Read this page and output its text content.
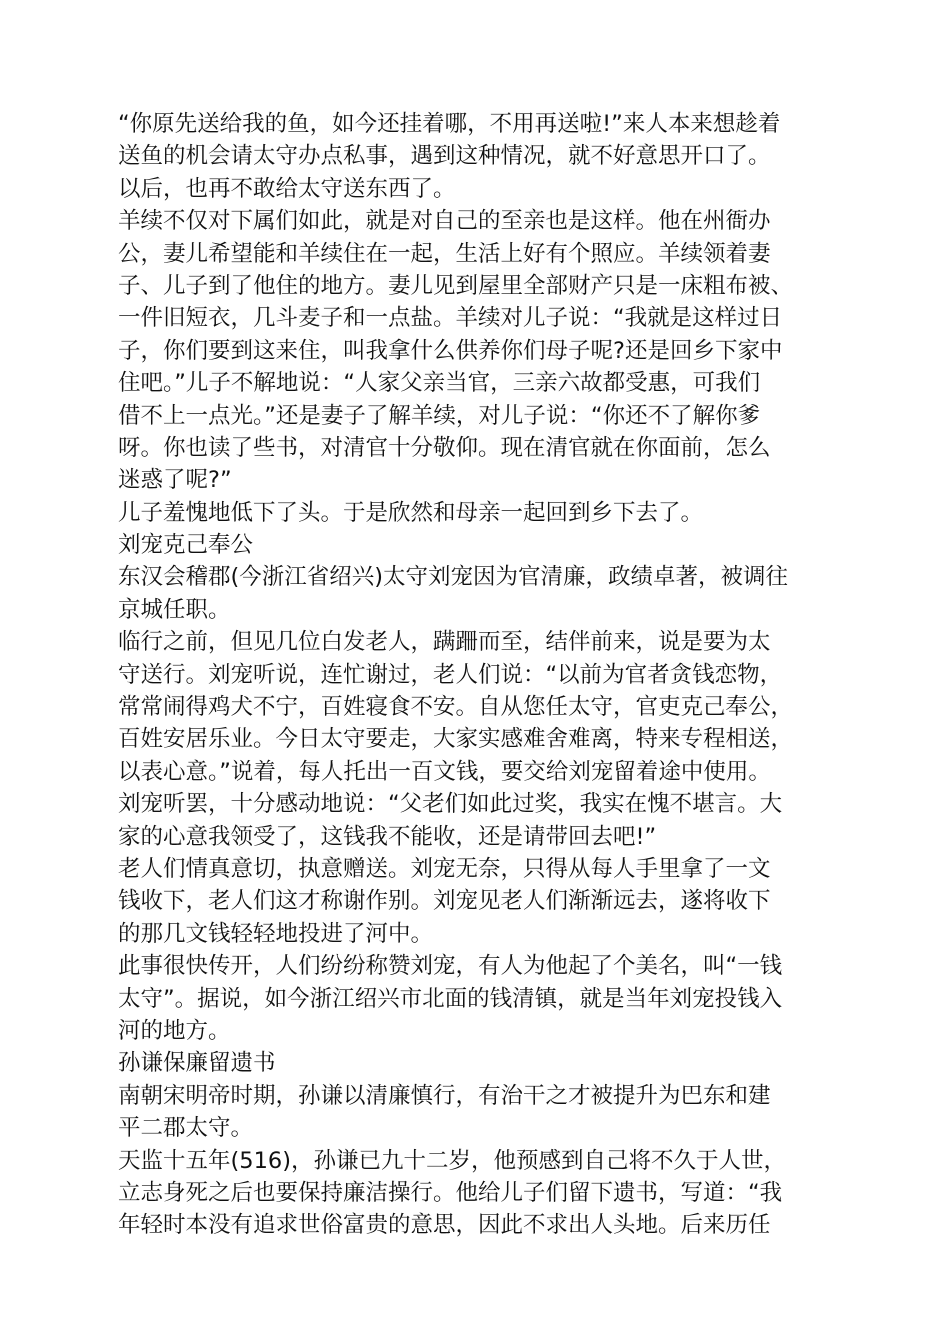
“你原先送给我的鱼，如今还挂着哪，不用再送啦!”来人本来想趁着
送鱼的机会请太守办点私事，遇到这种情况，就不好意思开口了。
以后，也再不敢给太守送东西了。
羊续不仅对下属们如此，就是对自己的至亲也是这样。他在州衙办
公，妻儿希望能和羊续住在一起，生活上好有个照应。羊续领着妻
子、儿子到了他住的地方。妻儿见到屋里全部财产只是一床粗布被、
一件旧短衣，几斗麦子和一点盐。羊续对儿子说：“我就是这样过日
子，你们要到这来住，叫我拿什么供养你们母子呢?还是回乡下家中
住吧。”儿子不解地说：“人家父亲当官，三亲六故都受惠，可我们
借不上一点光。”还是妻子了解羊续，对儿子说：“你还不了解你爹
呀。你也读了些书，对清官十分敬仰。现在清官就在你面前，怎么
迷惑了呢?”
儿子羞愧地低下了头。于是欣然和母亲一起回到乡下去了。
刘宠克己奉公
东汉会稽郡(今浙江省绍兴)太守刘宠因为官清廉，政绩卓著，被调往
京城任职。
临行之前，但见几位白发老人，蹒跚而至，结伴前来，说是要为太
守送行。刘宠听说，连忙谢过，老人们说：“以前为官者贪钱恋物，
常常闹得鸡犬不宁，百姓寝食不安。自从您任太守，官吏克己奉公，
百姓安居乐业。今日太守要走，大家实感难舍难离，特来专程相送，
以表心意。”说着，每人托出一百文钱，要交给刘宠留着途中使用。
刘宠听罢，十分感动地说：“父老们如此过奖，我实在愧不堪言。大
家的心意我领受了，这钱我不能收，还是请带回去吧!”
老人们情真意切，执意赠送。刘宠无奈，只得从每人手里拿了一文
钱收下，老人们这才称谢作别。刘宠见老人们渐渐远去，遂将收下
的那几文钱轻轻地投进了河中。
此事很快传开，人们纷纷称赞刘宠，有人为他起了个美名，叫“一钱
太守”。据说，如今浙江绍兴市北面的钱清镇，就是当年刘宠投钱入
河的地方。
孙谦保廉留遗书
南朝宋明帝时期，孙谦以清廉慎行，有治干之才被提升为巴东和建
平二郡太守。
天监十五年(516)，孙谦已九十二岁，他预感到自己将不久于人世，
立志身死之后也要保持廉洁操行。他给儿子们留下遗书，写道：“我
年轻时本没有追求世俗富贵的意思，因此不求出人头地。后来历任
